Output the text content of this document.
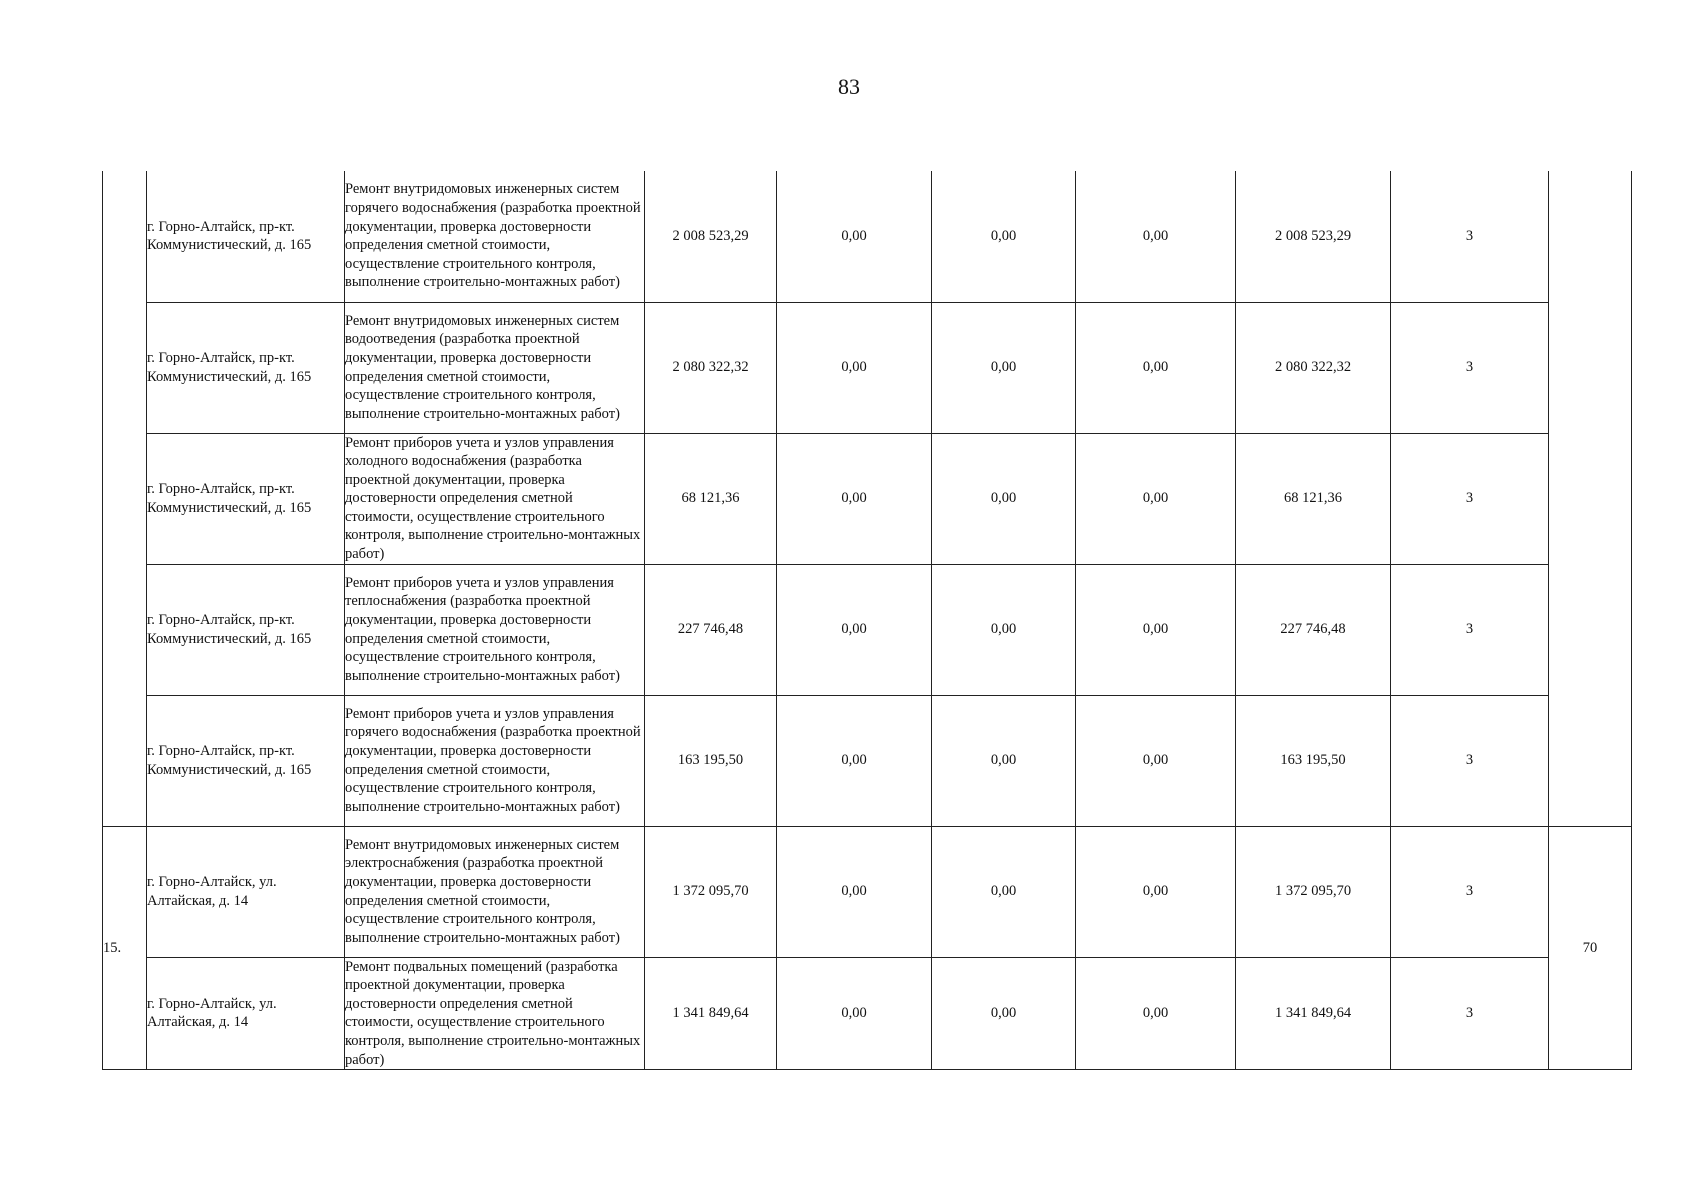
83
	г. Горно-Алтайск, пр-кт. Коммунистический, д. 165	Ремонт внутридомовых инженерных систем горячего водоснабжения (разработка проектной документации, проверка достоверности определения сметной стоимости, осуществление строительного контроля, выполнение строительно-монтажных работ)	2 008 523,29	0,00	0,00	0,00	2 008 523,29	3	
	г. Горно-Алтайск, пр-кт. Коммунистический, д. 165	Ремонт внутридомовых инженерных систем водоотведения (разработка проектной документации, проверка достоверности определения сметной стоимости, осуществление строительного контроля, выполнение строительно-монтажных работ)	2 080 322,32	0,00	0,00	0,00	2 080 322,32	3	
	г. Горно-Алтайск, пр-кт. Коммунистический, д. 165	Ремонт приборов учета и узлов управления холодного водоснабжения (разработка проектной документации, проверка достоверности определения сметной стоимости, осуществление строительного контроля, выполнение строительно-монтажных работ)	68 121,36	0,00	0,00	0,00	68 121,36	3	
	г. Горно-Алтайск, пр-кт. Коммунистический, д. 165	Ремонт приборов учета и узлов управления теплоснабжения (разработка проектной документации, проверка достоверности определения сметной стоимости, осуществление строительного контроля, выполнение строительно-монтажных работ)	227 746,48	0,00	0,00	0,00	227 746,48	3	
	г. Горно-Алтайск, пр-кт. Коммунистический, д. 165	Ремонт приборов учета и узлов управления горячего водоснабжения (разработка проектной документации, проверка достоверности определения сметной стоимости, осуществление строительного контроля, выполнение строительно-монтажных работ)	163 195,50	0,00	0,00	0,00	163 195,50	3	
15.	г. Горно-Алтайск, ул. Алтайская, д. 14	Ремонт внутридомовых инженерных систем электроснабжения (разработка проектной документации, проверка достоверности определения сметной стоимости, осуществление строительного контроля, выполнение строительно-монтажных работ)	1 372 095,70	0,00	0,00	0,00	1 372 095,70	3	70
	г. Горно-Алтайск, ул. Алтайская, д. 14	Ремонт подвальных помещений (разработка проектной документации, проверка достоверности определения сметной стоимости, осуществление строительного контроля, выполнение строительно-монтажных работ)	1 341 849,64	0,00	0,00	0,00	1 341 849,64	3	
